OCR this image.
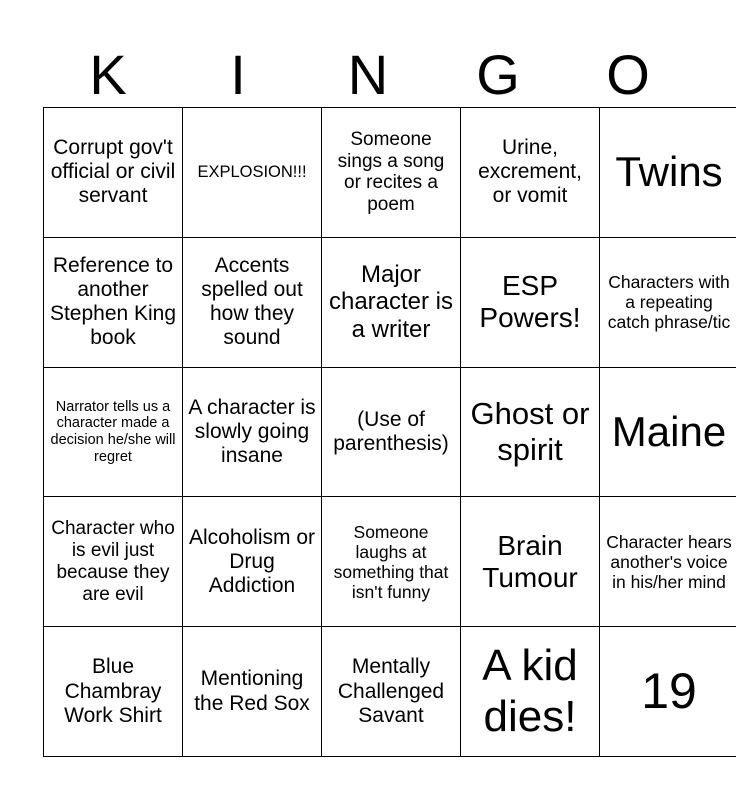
K	I	N	G	O
Corrupt gov't official or civil servant	EXPLOSION!!!	Someone sings a song or recites a poem	Urine, excrement, or vomit	Twins
Reference to another Stephen King book	Accents spelled out how they sound	Major character is a writer	ESP Powers!	Characters with a repeating catch phrase/tic
Narrator tells us a character made a decision he/she will regret	A character is slowly going insane	(Use of parenthesis)	Ghost or spirit	Maine
Character who is evil just because they are evil	Alcoholism or Drug Addiction	Someone laughs at something that isn't funny	Brain Tumour	Character hears another's voice in his/her mind
Blue Chambray Work Shirt	Mentioning the Red Sox	Mentally Challenged Savant	A kid dies!	19
